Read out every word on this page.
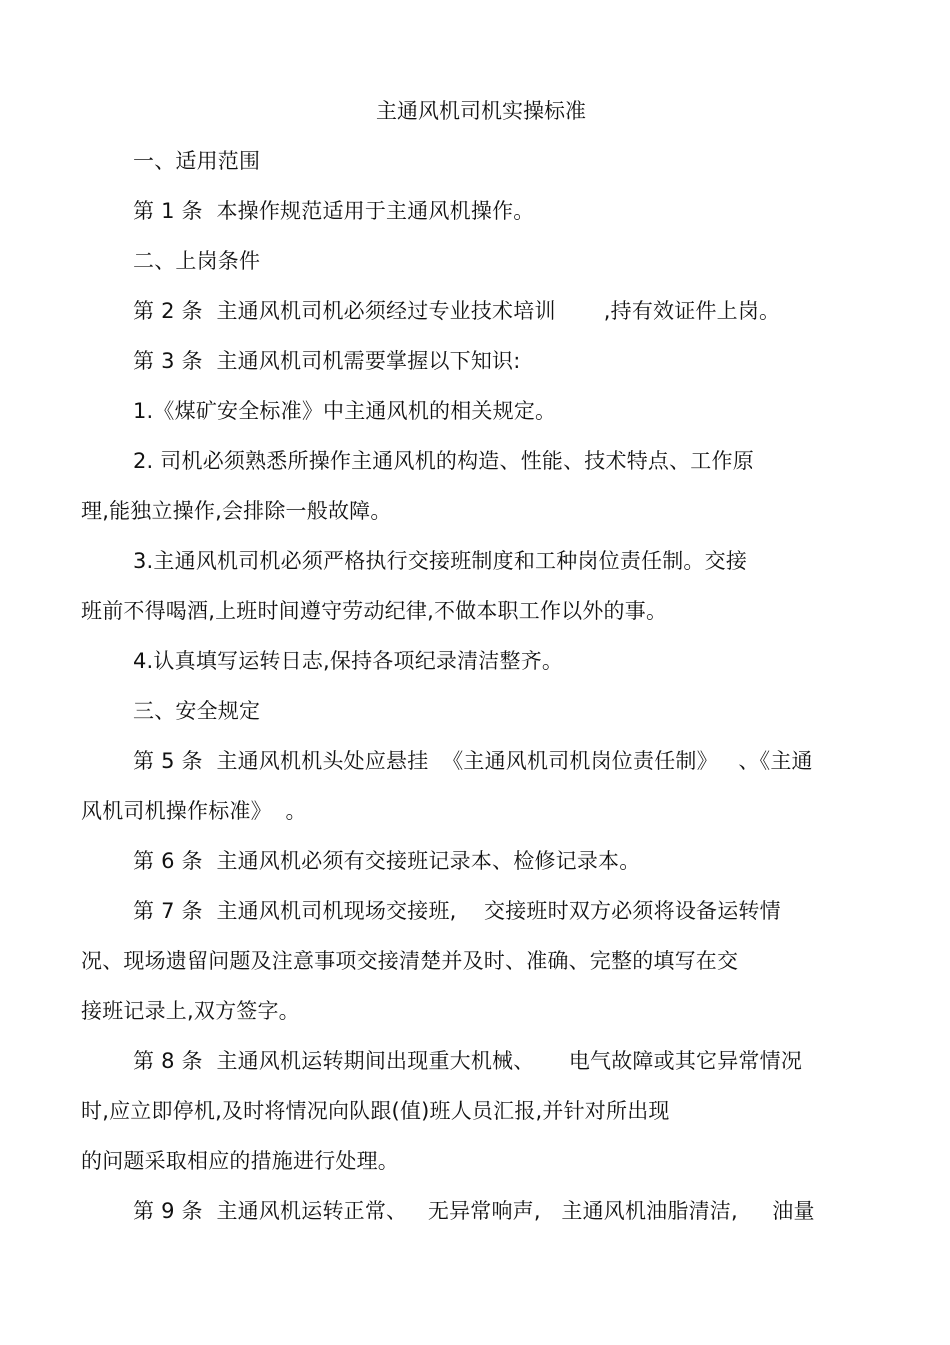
主通风机司机实操标准
一、适用范围
第 1 条  本操作规范适用于主通风机操作。
二、上岗条件
第 2 条  主通风机司机必须经过专业技术培训       ,持有效证件上岗。
第 3 条  主通风机司机需要掌握以下知识:
1.《煤矿安全标准》中主通风机的相关规定。
2. 司机必须熟悉所操作主通风机的构造、性能、技术特点、工作原
理,能独立操作,会排除一般故障。
3.主通风机司机必须严格执行交接班制度和工种岗位责任制。交接
班前不得喝酒,上班时间遵守劳动纪律,不做本职工作以外的事。
4.认真填写运转日志,保持各项纪录清洁整齐。
三、安全规定
第 5 条  主通风机机头处应悬挂  《主通风机司机岗位责任制》   、《主通
风机司机操作标准》  。
第 6 条  主通风机必须有交接班记录本、检修记录本。
第 7 条  主通风机司机现场交接班,    交接班时双方必须将设备运转情
况、现场遗留问题及注意事项交接清楚并及时、准确、完整的填写在交
接班记录上,双方签字。
第 8 条  主通风机运转期间出现重大机械、     电气故障或其它异常情况
时,应立即停机,及时将情况向队跟(值)班人员汇报,并针对所出现
的问题采取相应的措施进行处理。
第 9 条  主通风机运转正常、   无异常响声,   主通风机油脂清洁,     油量
